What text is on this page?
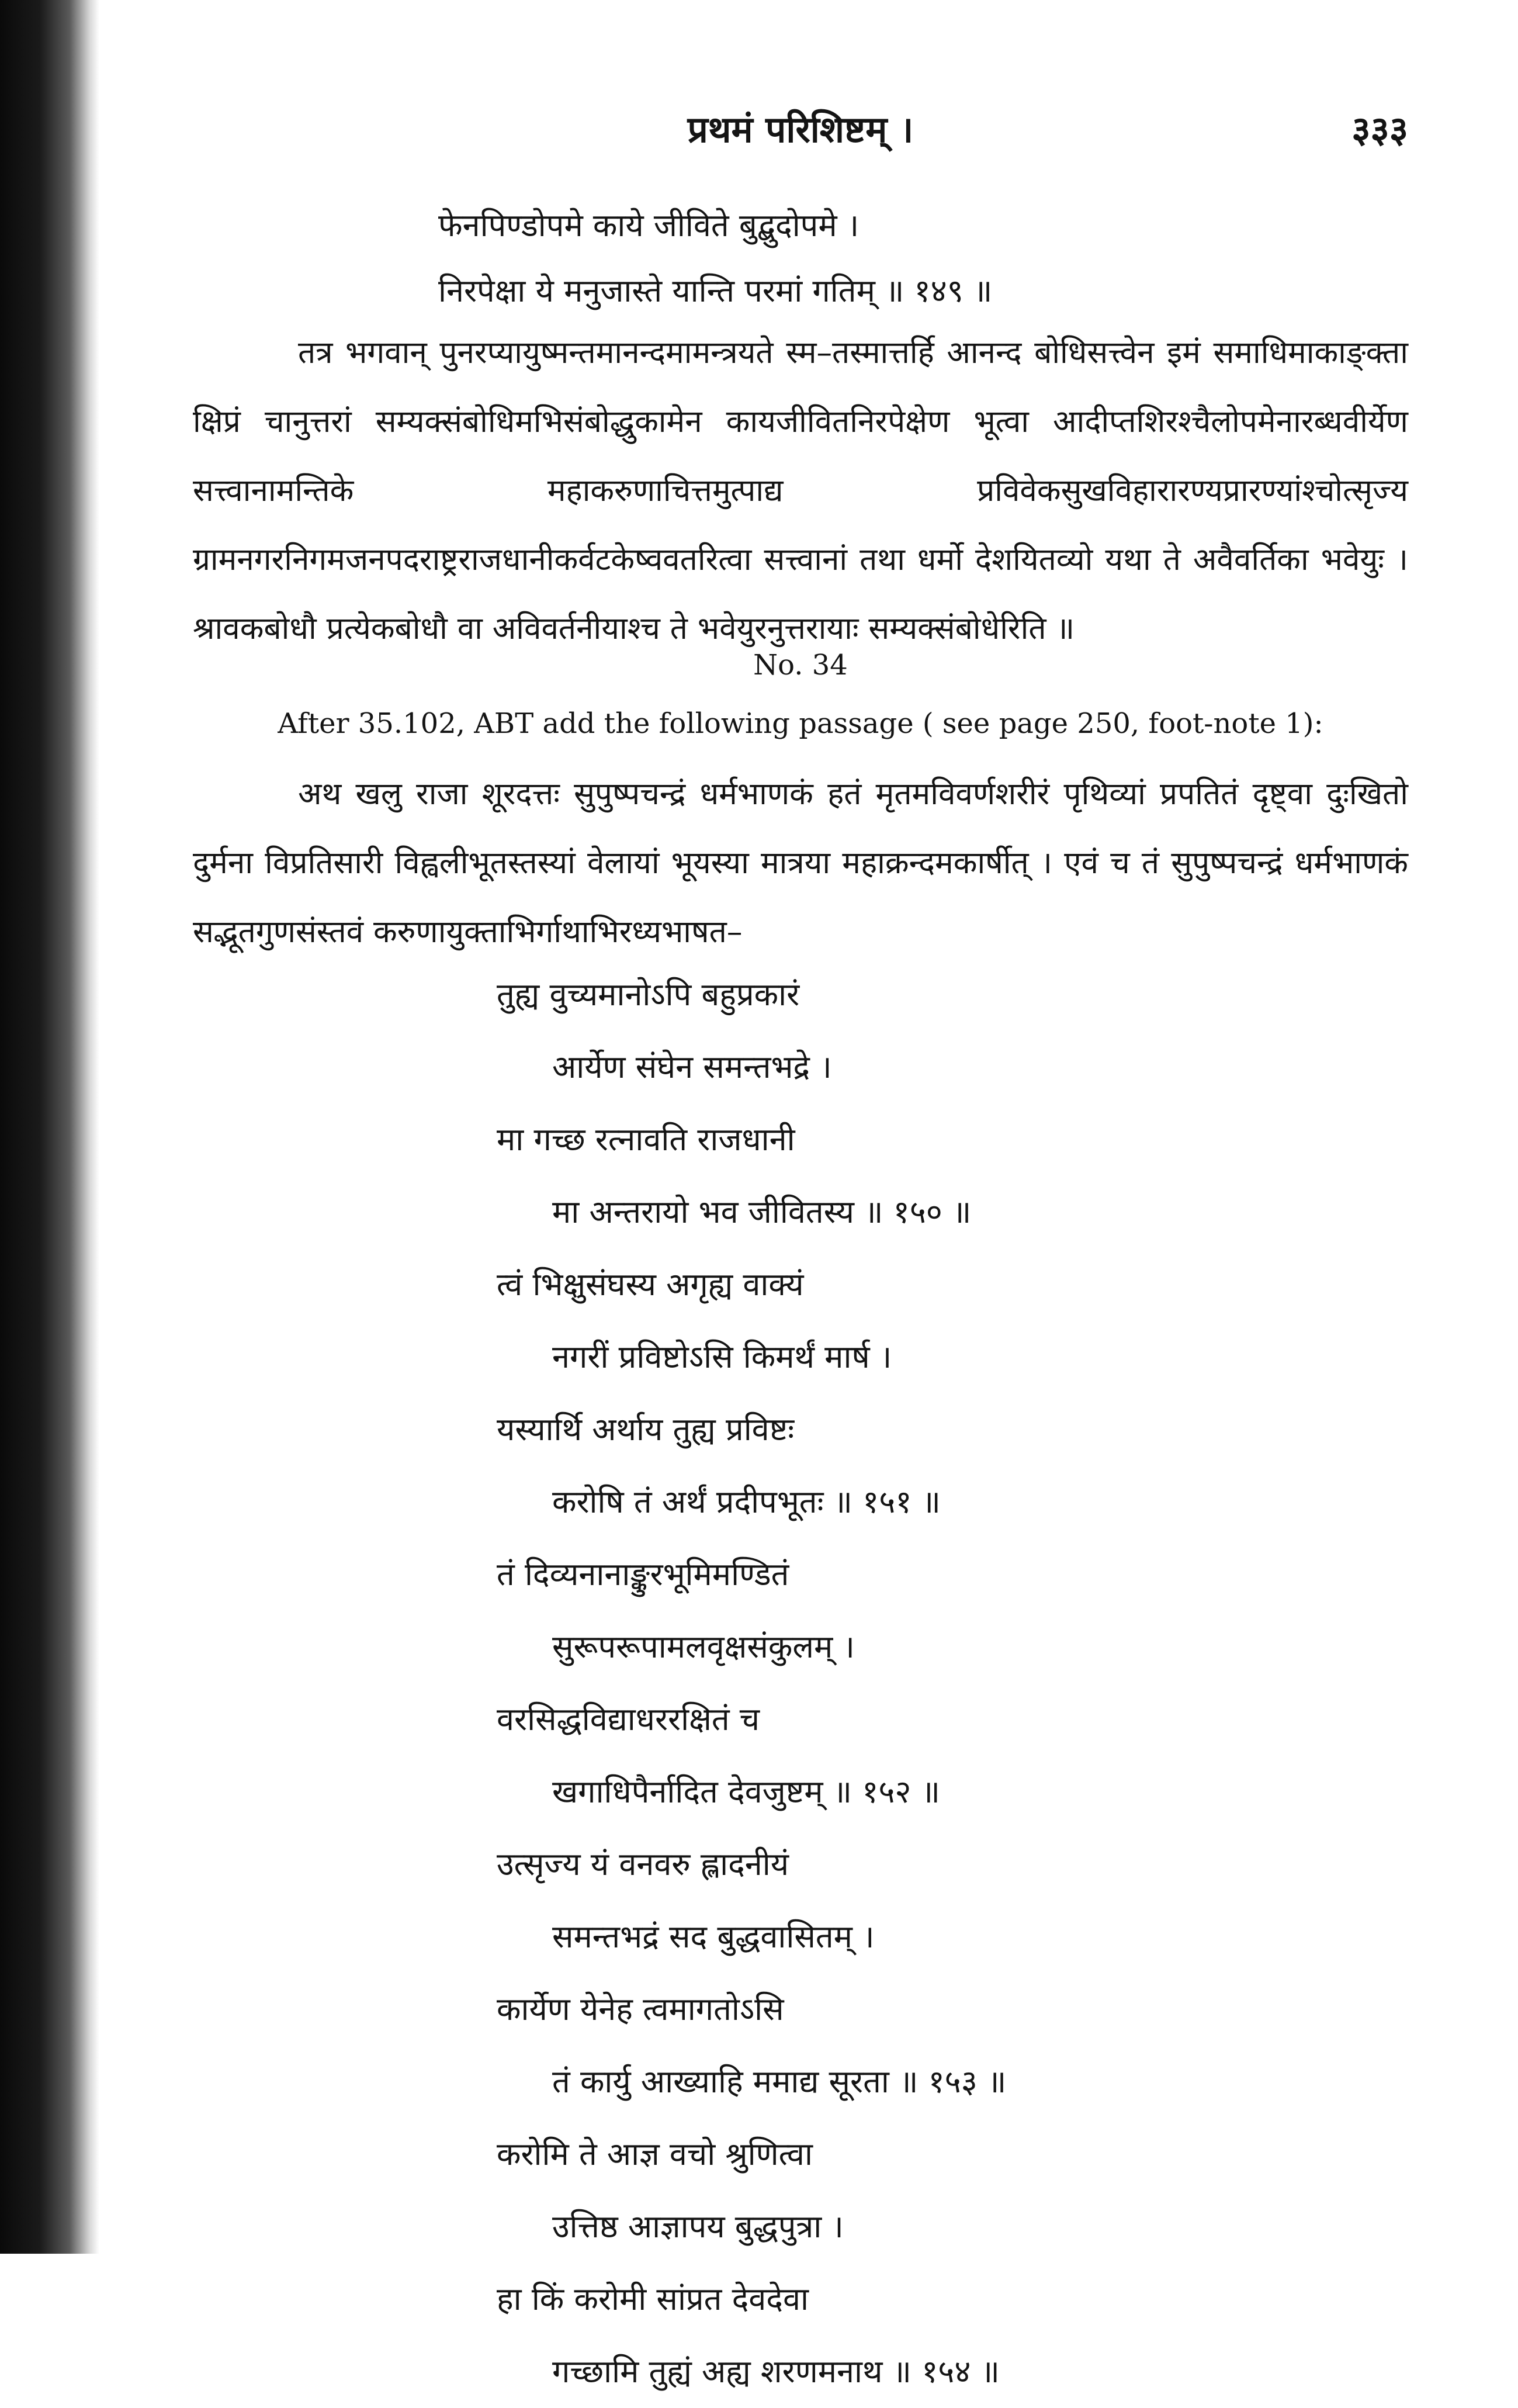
प्रथमं परिशिष्टम् ।	३३३
फेनपिण्डोपमे काये जीविते बुद्बुदोपमे ।
निरपेक्षा ये मनुजास्ते यान्ति परमां गतिम् ॥ १४९ ॥
तत्र भगवान् पुनरप्यायुष्मन्तमानन्दमामन्त्रयते स्म–तस्मात्तर्हि आनन्द बोधिसत्त्वेन इमं समाधिमाकाङ्क्ता क्षिप्रं चानुत्तरां सम्यक्संबोधिमभिसंबोद्धुकामेन कायजीवितनिरपेक्षेण भूत्वा आदीप्तशिरश्चैलोपमेनारब्धवीर्येण सत्त्वानामन्तिके महाकरुणाचित्तमुत्पाद्य प्रविवेकसुखविहारारण्यप्रारण्यांश्चोत्सृज्य ग्रामनगरनिगमजनपदराष्ट्रराजधानीकर्वटकेष्ववतरित्वा सत्त्वानां तथा धर्मो देशयितव्यो यथा ते अवैवर्तिका भवेयुः । श्रावकबोधौ प्रत्येकबोधौ वा अविवर्तनीयाश्च ते भवेयुरनुत्तरायाः सम्यक्संबोधेरिति ॥
No. 34
After 35.102, ABT add the following passage ( see page 250, foot-note 1):
अथ खलु राजा शूरदत्तः सुपुष्पचन्द्रं धर्मभाणकं हतं मृतमविवर्णशरीरं पृथिव्यां प्रपतितं दृष्ट्वा दुःखितो दुर्मना विप्रतिसारी विह्वलीभूतस्तस्यां वेलायां भूयस्या मात्रया महाक्रन्दमकार्षीत् । एवं च तं सुपुष्पचन्द्रं धर्मभाणकं सद्भूतगुणसंस्तवं करुणायुक्ताभिर्गाथाभिरध्यभाषत–
तुह्य वुच्यमानोऽपि बहुप्रकारं
आर्येण संघेन समन्तभद्रे ।
मा गच्छ रत्नावति राजधानी
मा अन्तरायो भव जीवितस्य ॥ १५० ॥
त्वं भिक्षुसंघस्य अगृह्य वाक्यं
नगरीं प्रविष्टोऽसि किमर्थं मार्ष ।
यस्यार्थि अर्थाय तुह्य प्रविष्टः
करोषि तं अर्थं प्रदीपभूतः ॥ १५१ ॥
तं दिव्यनानाङ्कुरभूमिमण्डितं
सुरूपरूपामलवृक्षसंकुलम् ।
वरसिद्धविद्याधररक्षितं च
खगाधिपैर्नादित देवजुष्टम् ॥ १५२ ॥
उत्सृज्य यं वनवरु ह्लादनीयं
समन्तभद्रं सद बुद्धवासितम् ।
कार्येण येनेह त्वमागतोऽसि
तं कार्यु आख्याहि ममाद्य सूरता ॥ १५३ ॥
करोमि ते आज्ञ वचो श्रुणित्वा
उत्तिष्ठ आज्ञापय बुद्धपुत्रा ।
हा किं करोमी सांप्रत देवदेवा
गच्छामि तुह्यं अह्य शरणमनाथ ॥ १५४ ॥
